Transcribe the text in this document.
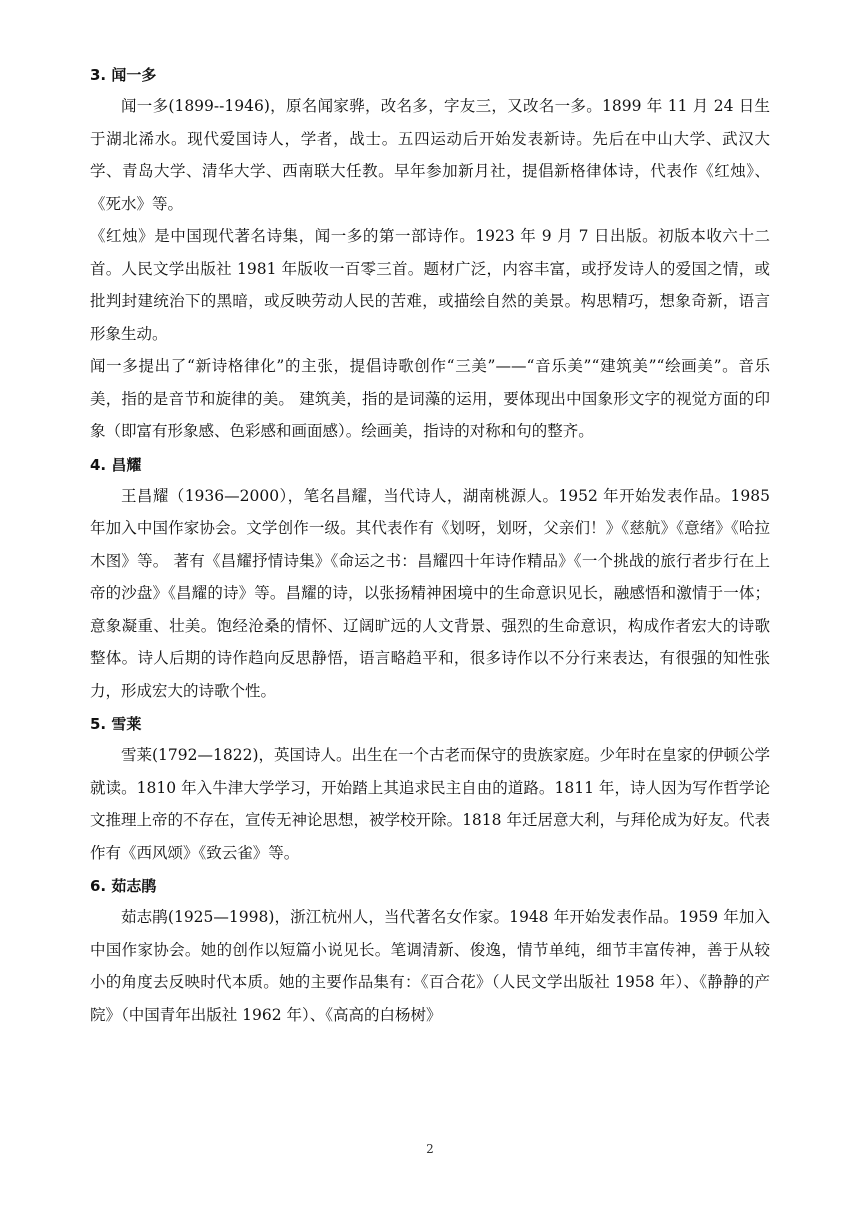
3. 闻一多

闻一多(1899--1946)，原名闻家骅，改名多，字友三，又改名一多。1899 年 11 月 24 日生于湖北浠水。现代爱国诗人，学者，战士。五四运动后开始发表新诗。先后在中山大学、武汉大学、青岛大学、清华大学、西南联大任教。早年参加新月社，提倡新格律体诗，代表作《红烛》、《死水》等。

《红烛》是中国现代著名诗集，闻一多的第一部诗作。1923 年 9 月 7 日出版。初版本收六十二首。人民文学出版社 1981 年版收一百零三首。题材广泛，内容丰富，或抒发诗人的爱国之情，或批判封建统治下的黑暗，或反映劳动人民的苦难，或描绘自然的美景。构思精巧，想象奇新，语言形象生动。

闻一多提出了“新诗格律化”的主张，提倡诗歌创作“三美”——“音乐美”“建筑美”“绘画美”。音乐美，指的是音节和旋律的美。 建筑美，指的是词藻的运用，要体现出中国象形文字的视觉方面的印象（即富有形象感、色彩感和画面感）。绘画美，指诗的对称和句的整齐。

4. 昌耀

王昌耀（1936—2000），笔名昌耀，当代诗人，湖南桃源人。1952 年开始发表作品。1985 年加入中国作家协会。文学创作一级。其代表作有《划呀，划呀，父亲们！》《慈航》《意绪》《哈拉木图》等。 著有《昌耀抒情诗集》《命运之书：昌耀四十年诗作精品》《一个挑战的旅行者步行在上帝的沙盘》《昌耀的诗》等。昌耀的诗，以张扬精神困境中的生命意识见长，融感悟和激情于一体；意象凝重、壮美。饱经沧桑的情怀、辽阔旷远的人文背景、强烈的生命意识，构成作者宏大的诗歌整体。诗人后期的诗作趋向反思静悟，语言略趋平和，很多诗作以不分行来表达，有很强的知性张力，形成宏大的诗歌个性。

5. 雪莱

雪莱(1792—1822)，英国诗人。出生在一个古老而保守的贵族家庭。少年时在皇家的伊顿公学就读。1810 年入牛津大学学习，开始踏上其追求民主自由的道路。1811 年，诗人因为写作哲学论文推理上帝的不存在，宣传无神论思想，被学校开除。1818 年迁居意大利，与拜伦成为好友。代表作有《西风颂》《致云雀》等。

6. 茹志鹃

茹志鹃(1925—1998)，浙江杭州人，当代著名女作家。1948 年开始发表作品。1959 年加入中国作家协会。她的创作以短篇小说见长。笔调清新、俊逸，情节单纯，细节丰富传神，善于从较小的角度去反映时代本质。她的主要作品集有：《百合花》（人民文学出版社 1958 年）、《静静的产院》（中国青年出版社 1962 年）、《高高的白杨树》

2
